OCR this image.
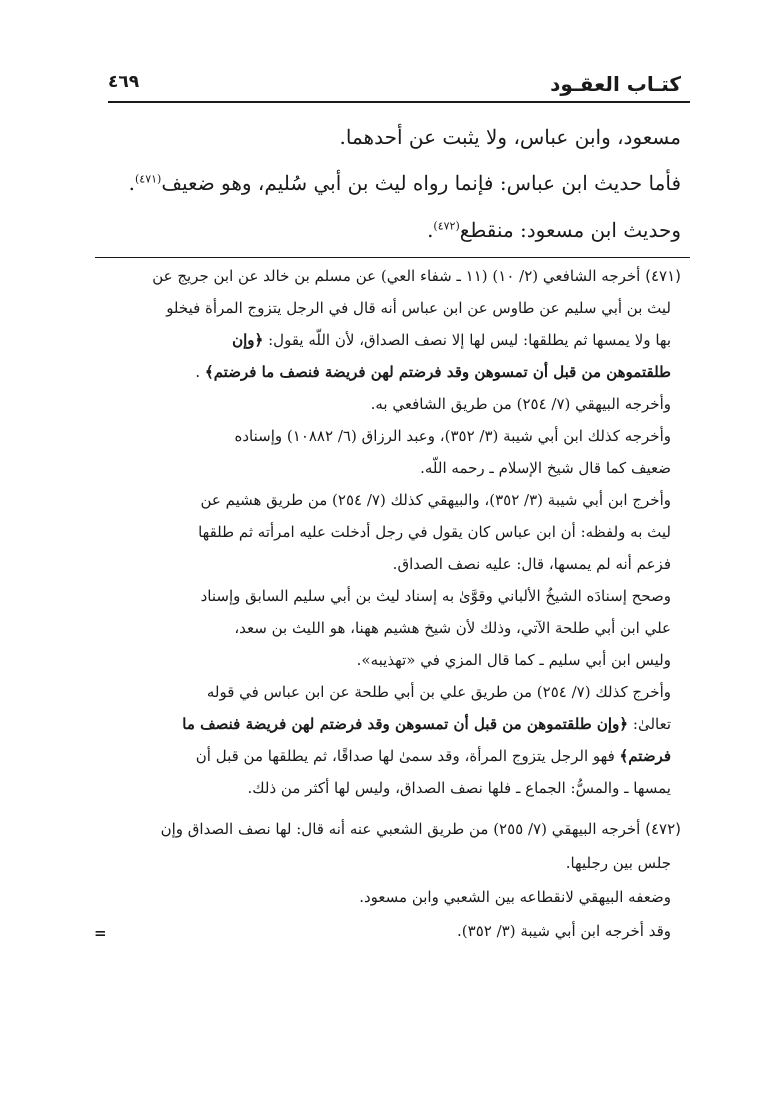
كتـاب العقـود
٤٦٩
مسعود، وابن عباس، ولا يثبت عن أحدهما.
فأما حديث ابن عباس: فإنما رواه ليث بن أبي سُليم، وهو ضعيف$^{(٤٧١)}$.
وحديث ابن مسعود: منقطع$^{(٤٧٢)}$.
(٤٧١) أخرجه الشافعي (٢/ ١٠) (١١ ـ شفاء العي) عن مسلم بن خالد عن ابن جريج عن
ليث بن أبي سليم عن طاوس عن ابن عباس أنه قال في الرجل يتزوج المرأة فيخلو
بها ولا يمسها ثم يطلقها: ليس لها إلا نصف الصداق، لأن اللّه يقول: ﴿وإن
طلقتموهن من قبل أن تمسوهن وقد فرضتم لهن فريضة فنصف ما فرضتم﴾ .
وأخرجه البيهقي (٧/ ٢٥٤) من طريق الشافعي به.
وأخرجه كذلك ابن أبي شيبة (٣/ ٣٥٢)، وعبد الرزاق (٦/ ١٠٨٨٢) وإسناده
ضعيف كما قال شيخ الإسلام ـ رحمه اللّه.
وأخرج ابن أبي شيبة (٣/ ٣٥٢)، والبيهقي كذلك (٧/ ٢٥٤) من طريق هشيم عن
ليث به ولفظه: أن ابن عباس كان يقول في رجل أدخلت عليه امرأته ثم طلقها
فزعم أنه لم يمسها، قال: عليه نصف الصداق.
وصحح إسنادَه الشيخُ الألباني وقوَّىٰ به إسناد ليث بن أبي سليم السابق وإسناد
علي ابن أبي طلحة الآتي، وذلك لأن شيخ هشيم ههنا، هو الليث بن سعد،
وليس ابن أبي سليم ـ كما قال المزي في «تهذيبه».
وأخرج كذلك (٧/ ٢٥٤) من طريق علي بن أبي طلحة عن ابن عباس في قوله
تعالىٰ: ﴿وإن طلقتموهن من قبل أن تمسوهن وقد فرضتم لهن فريضة فنصف ما
فرضتم﴾ فهو الرجل يتزوج المرأة، وقد سمىٰ لها صداقًا، ثم يطلقها من قبل أن
يمسها ـ والمسُّ: الجماع ـ فلها نصف الصداق، وليس لها أكثر من ذلك.
(٤٧٢) أخرجه البيهقي (٧/ ٢٥٥) من طريق الشعبي عنه أنه قال: لها نصف الصداق وإن
جلس بين رجليها.
وضعفه البيهقي لانقطاعه بين الشعبي وابن مسعود.
وقد أخرجه ابن أبي شيبة (٣/ ٣٥٢).
=
